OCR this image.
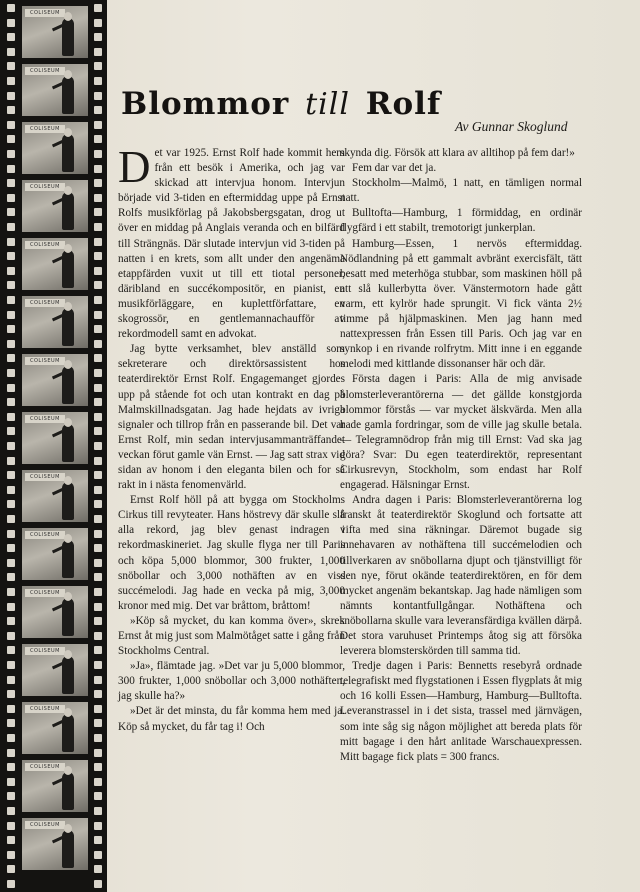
COLISEUM
COLISEUM
COLISEUM
COLISEUM
COLISEUM
COLISEUM
COLISEUM
COLISEUM
COLISEUM
COLISEUM
COLISEUM
COLISEUM
COLISEUM
COLISEUM
COLISEUM
Blommor till Rolf
Av Gunnar Skoglund

Det var 1925. Ernst Rolf hade kommit hem från ett besök i Amerika, och jag var skickad att intervjua honom. Intervjun började vid 3-tiden en eftermiddag uppe på Ernst Rolfs musikförlag på Jakobsbergsgatan, drog ut över en middag på Anglais veranda och en bilfärd till Strängnäs. Där slutade intervjun vid 3-tiden på natten i en krets, som allt under den angenäma etappfärden vuxit ut till ett tiotal personer, däribland en succékompositör, en pianist, en musikförläggare, en kuplettförfattare, en skogrossör, en gentlemannachaufför av rekordmodell samt en advokat.

Jag bytte verksamhet, blev anställd som sekreterare och direktörsassistent hos teaterdirektör Ernst Rolf. Engagemanget gjordes upp på stående fot och utan kontrakt en dag på Malmskillnadsgatan. Jag hade hejdats av ivriga signaler och tillrop från en passerande bil. Det var Ernst Rolf, min sedan intervjusammanträffandet veckan förut gamle vän Ernst. — Jag satt strax vid sidan av honom i den eleganta bilen och for så rakt in i nästa fenomenvärld.

Ernst Rolf höll på att bygga om Stockholms Cirkus till revyteater. Hans höstrevy där skulle slå alla rekord, jag blev genast indragen i rekordmaskineriet. Jag skulle flyga ner till Paris och köpa 5,000 blommor, 300 frukter, 1,000 snöbollar och 3,000 nothäften av en viss succémelodi. Jag hade en vecka på mig, 3,000 kronor med mig. Det var bråttom, bråttom!

»Köp så mycket, du kan komma över», skrek Ernst åt mig just som Malmötåget satte i gång från Stockholms Central.

»Ja», flämtade jag. »Det var ju 5,000 blommor, 300 frukter, 1,000 snöbollar och 3,000 nothäften, jag skulle ha?»

»Det är det minsta, du får komma hem med ja. Köp så mycket, du får tag i! Och

skynda dig. Försök att klara av alltihop på fem dar!»

Fem dar var det ja.

Stockholm—Malmö, 1 natt, en tämligen normal natt.

Bulltofta—Hamburg, 1 förmiddag, en ordinär flygfärd i ett stabilt, tremotorigt junkerplan.

Hamburg—Essen, 1 nervös eftermiddag. Nödlandning på ett gammalt avbränt exercisfält, tätt besatt med meterhöga stubbar, som maskinen höll på att slå kullerbytta över. Vänstermotorn hade gått varm, ett kylrör hade sprungit. Vi fick vänta 2½ timme på hjälpmaskinen. Men jag hann med nattexpressen från Essen till Paris. Och jag var en synkop i en rivande rolfrytm. Mitt inne i en eggande melodi med kittlande dissonanser här och där.

Första dagen i Paris: Alla de mig anvisade blomsterleverantörerna — det gällde konstgjorda blommor förstås — var mycket älskvärda. Men alla hade gamla fordringar, som de ville jag skulle betala. — Telegramnödrop från mig till Ernst: Vad ska jag göra? Svar: Du egen teaterdirektör, representant Cirkusrevyn, Stockholm, som endast har Rolf engagerad. Hälsningar Ernst.

Andra dagen i Paris: Blomsterleverantörerna log franskt åt teaterdirektör Skoglund och fortsatte att vifta med sina räkningar. Däremot bugade sig innehavaren av nothäftena till succémelodien och tillverkaren av snöbollarna djupt och tjänstvilligt för den nye, förut okände teaterdirektören, en för dem mycket angenäm bekantskap. Jag hade nämligen som nämnts kontantfullgångar. Nothäftena och snöbollarna skulle vara leveransfärdiga kvällen därpå. Det stora varuhuset Printemps åtog sig att försöka leverera blomsterskörden till samma tid.

Tredje dagen i Paris: Bennetts resebyrå ordnade telegrafiskt med flygstationen i Essen flygplats åt mig och 16 kolli Essen—Hamburg, Hamburg—Bulltofta. Leveranstrassel in i det sista, trassel med järnvägen, som inte såg sig någon möjlighet att bereda plats för mitt bagage i den hårt anlitade Warschauexpressen. Mitt bagage fick plats = 300 francs.
